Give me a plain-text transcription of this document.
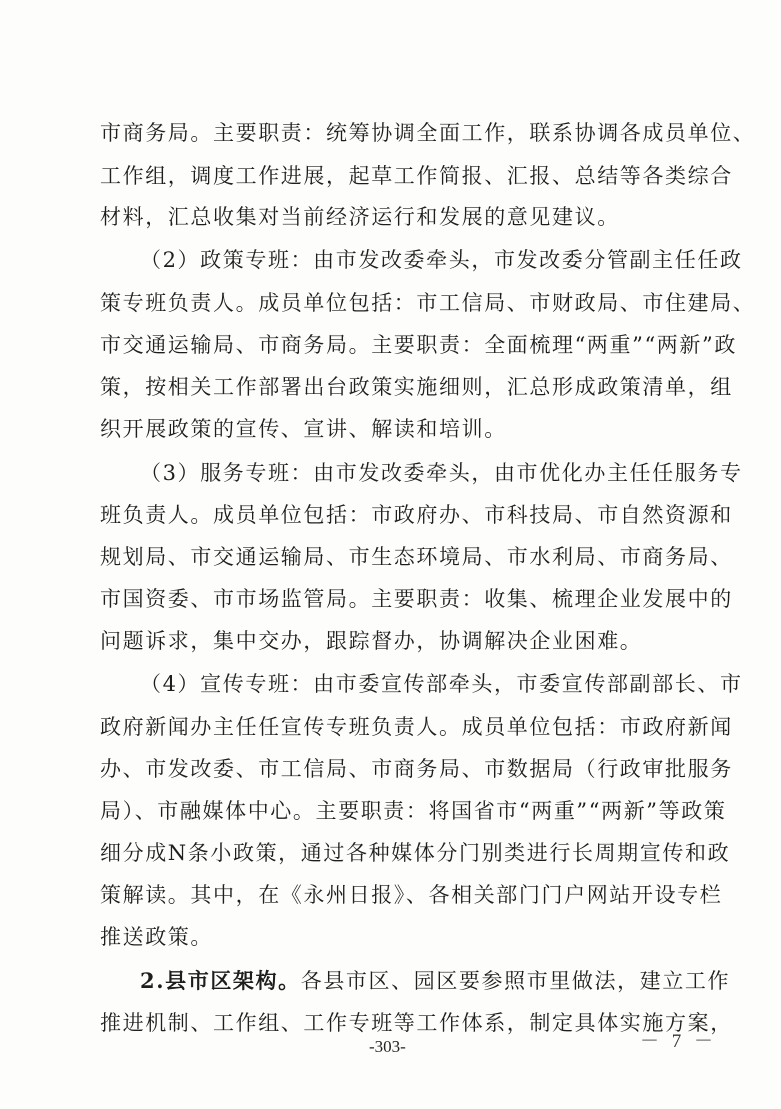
市商务局。主要职责：统筹协调全面工作，联系协调各成员单位、
工作组，调度工作进展，起草工作简报、汇报、总结等各类综合
材料，汇总收集对当前经济运行和发展的意见建议。
（2）政策专班：由市发改委牵头，市发改委分管副主任任政
策专班负责人。成员单位包括：市工信局、市财政局、市住建局、
市交通运输局、市商务局。主要职责：全面梳理“两重”“两新”政
策，按相关工作部署出台政策实施细则，汇总形成政策清单，组
织开展政策的宣传、宣讲、解读和培训。
（3）服务专班：由市发改委牵头，由市优化办主任任服务专
班负责人。成员单位包括：市政府办、市科技局、市自然资源和
规划局、市交通运输局、市生态环境局、市水利局、市商务局、
市国资委、市市场监管局。主要职责：收集、梳理企业发展中的
问题诉求，集中交办，跟踪督办，协调解决企业困难。
（4）宣传专班：由市委宣传部牵头，市委宣传部副部长、市
政府新闻办主任任宣传专班负责人。成员单位包括：市政府新闻
办、市发改委、市工信局、市商务局、市数据局（行政审批服务
局）、市融媒体中心。主要职责：将国省市“两重”“两新”等政策
细分成N条小政策，通过各种媒体分门别类进行长周期宣传和政
策解读。其中，在《永州日报》、各相关部门门户网站开设专栏
推送政策。
2.县市区架构。各县市区、园区要参照市里做法，建立工作
推进机制、工作组、工作专班等工作体系，制定具体实施方案，
-303-	－ 7 －
